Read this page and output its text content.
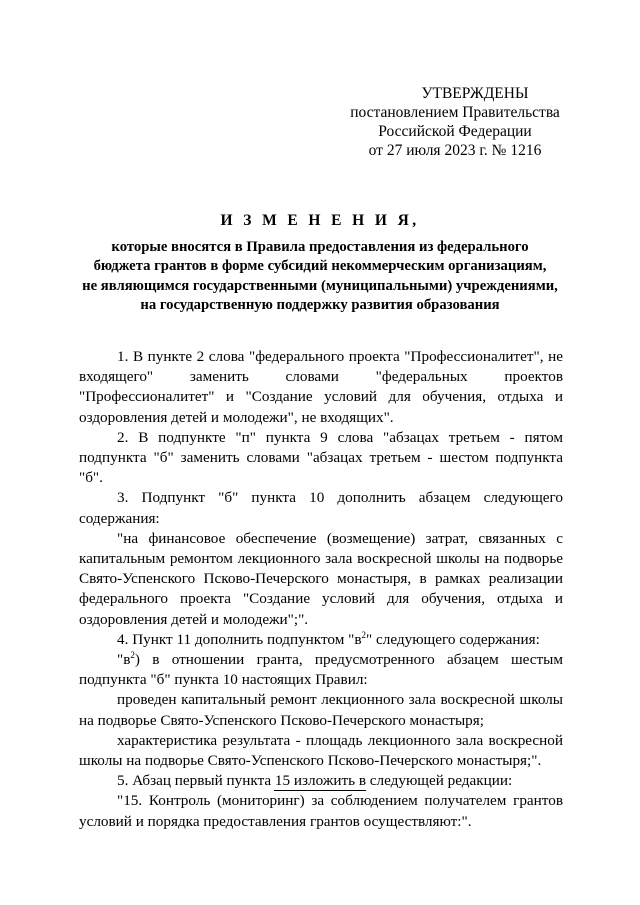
УТВЕРЖДЕНЫ
постановлением Правительства
Российской Федерации
от 27 июля 2023 г. № 1216
И З М Е Н Е Н И Я,
которые вносятся в Правила предоставления из федерального
бюджета грантов в форме субсидий некоммерческим организациям,
не являющимся государственными (муниципальными) учреждениями,
на государственную поддержку развития образования

1. В пункте 2 слова "федерального проекта "Профессионалитет", не входящего" заменить словами "федеральных проектов "Профессионалитет" и "Создание условий для обучения, отдыха и оздоровления детей и молодежи", не входящих".

2. В подпункте "п" пункта 9 слова "абзацах третьем - пятом подпункта "б" заменить словами "абзацах третьем - шестом подпункта "б".

3. Подпункт "б" пункта 10 дополнить абзацем следующего содержания:

"на финансовое обеспечение (возмещение) затрат, связанных с капитальным ремонтом лекционного зала воскресной школы на подворье Свято-Успенского Псково-Печерского монастыря, в рамках реализации федерального проекта "Создание условий для обучения, отдыха и оздоровления детей и молодежи";".

4. Пункт 11 дополнить подпунктом "$в^2$" следующего содержания:

"$в^2$) в отношении гранта, предусмотренного абзацем шестым подпункта "б" пункта 10 настоящих Правил:

проведен капитальный ремонт лекционного зала воскресной школы на подворье Свято-Успенского Псково-Печерского монастыря;

характеристика результата - площадь лекционного зала воскресной школы на подворье Свято-Успенского Псково-Печерского монастыря;".

5. Абзац первый пункта 15 изложить в следующей редакции:

"15. Контроль (мониторинг) за соблюдением получателем грантов условий и порядка предоставления грантов осуществляют:".
